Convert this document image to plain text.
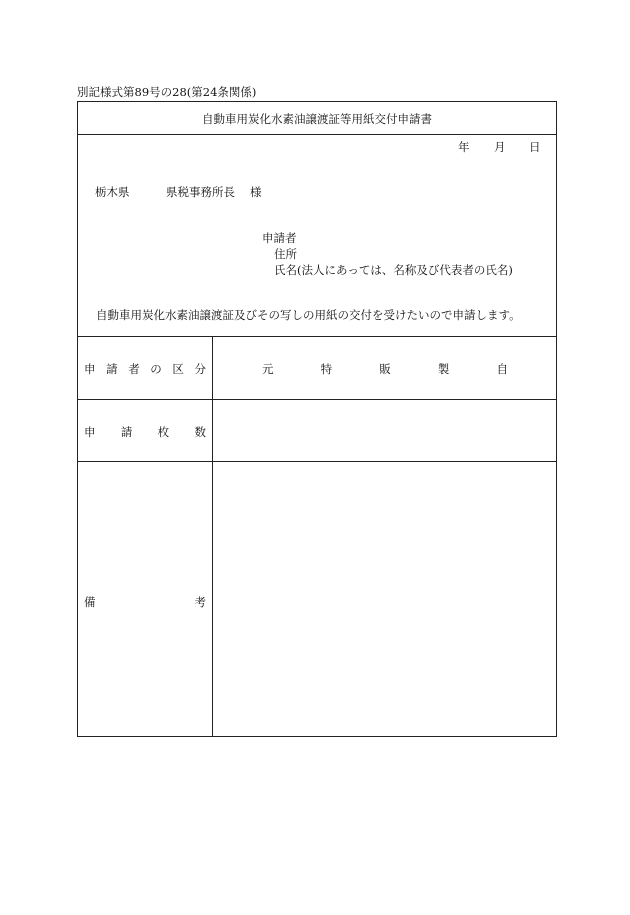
別記様式第89号の28(第24条関係)
自動車用炭化水素油譲渡証等用紙交付申請書
年 月 日
栃木県	県税事務所長 様
申請者
住所
氏名(法人にあっては、名称及び代表者の氏名)
自動車用炭化水素油譲渡証及びその写しの用紙の交付を受けたいので申請します。
申 請 者 の 区 分	元	特	販	製	自
申 請 枚 数
備	考
